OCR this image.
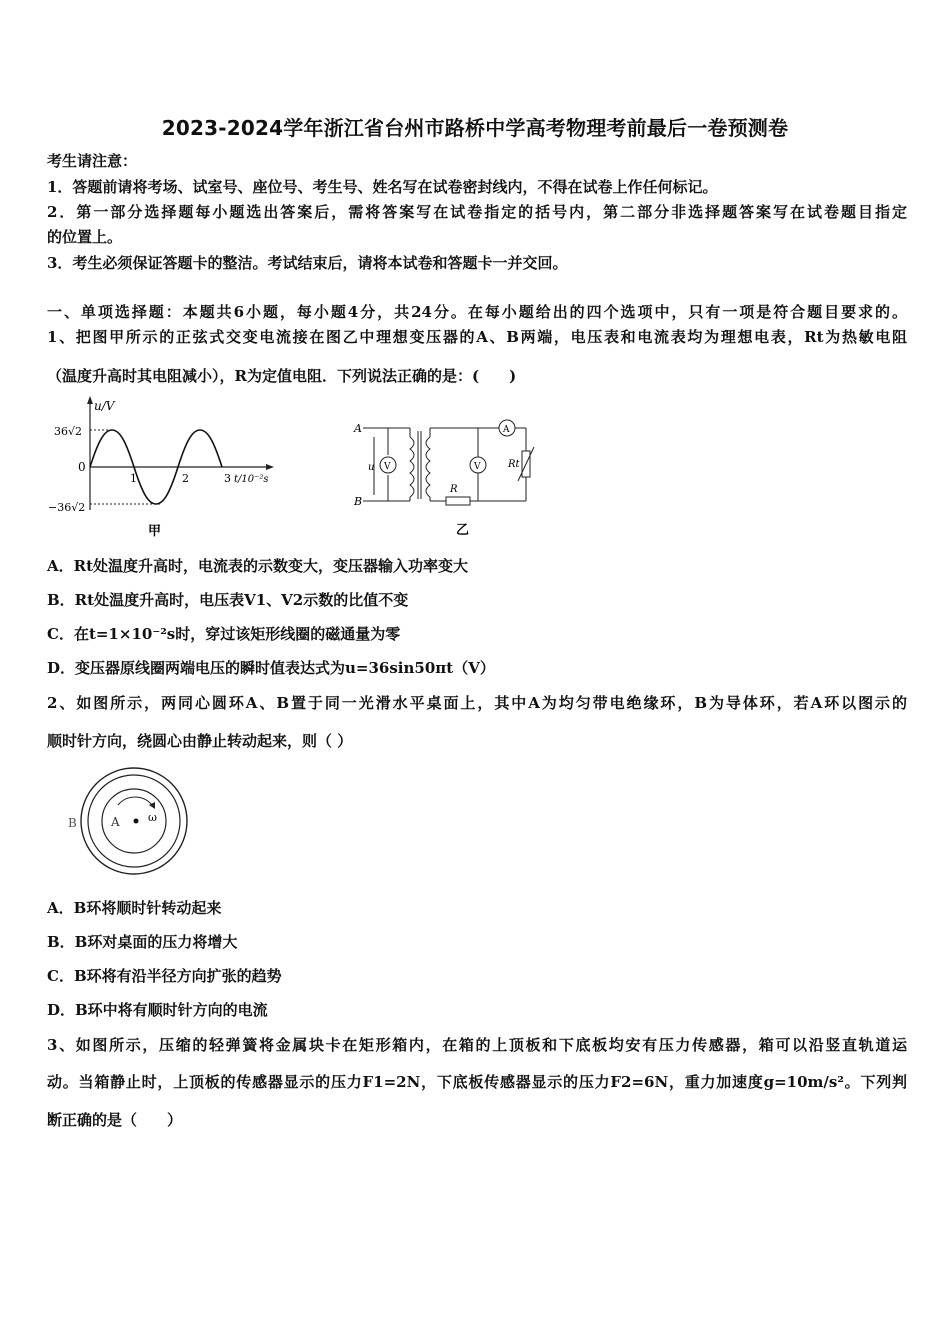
2023-2024学年浙江省台州市路桥中学高考物理考前最后一卷预测卷
考生请注意：
1．答题前请将考场、试室号、座位号、考生号、姓名写在试卷密封线内，不得在试卷上作任何标记。
2．第一部分选择题每小题选出答案后，需将答案写在试卷指定的括号内，第二部分非选择题答案写在试卷题目指定
的位置上。
3．考生必须保证答题卡的整洁。考试结束后，请将本试卷和答题卡一并交回。
一、单项选择题：本题共6小题，每小题4分，共24分。在每小题给出的四个选项中，只有一项是符合题目要求的。
1、把图甲所示的正弦式交变电流接在图乙中理想变压器的A、B两端，电压表和电流表均为理想电表，Rt为热敏电阻
（温度升高时其电阻减小），R为定值电阻．下列说法正确的是：(　　)
u/V
36√2
−36√2
0
1	2	3 t/10⁻²s
甲
A
B
u V
A
R
V	Rt
乙
A．Rt处温度升高时，电流表的示数变大，变压器输入功率变大
B．Rt处温度升高时，电压表V1、V2示数的比值不变
C．在t=1×10⁻²s时，穿过该矩形线圈的磁通量为零
D．变压器原线圈两端电压的瞬时值表达式为u=36sin50πt（V）
2、如图所示，两同心圆环A、B置于同一光滑水平桌面上，其中A为均匀带电绝缘环，B为导体环，若A环以图示的
顺时针方向，绕圆心由静止转动起来，则（ ）
B	A	ω
A．B环将顺时针转动起来
B．B环对桌面的压力将增大
C．B环将有沿半径方向扩张的趋势
D．B环中将有顺时针方向的电流
3、如图所示，压缩的轻弹簧将金属块卡在矩形箱内，在箱的上顶板和下底板均安有压力传感器，箱可以沿竖直轨道运
动。当箱静止时，上顶板的传感器显示的压力F1=2N，下底板传感器显示的压力F2=6N，重力加速度g=10m/s²。下列判
断正确的是（　　）
